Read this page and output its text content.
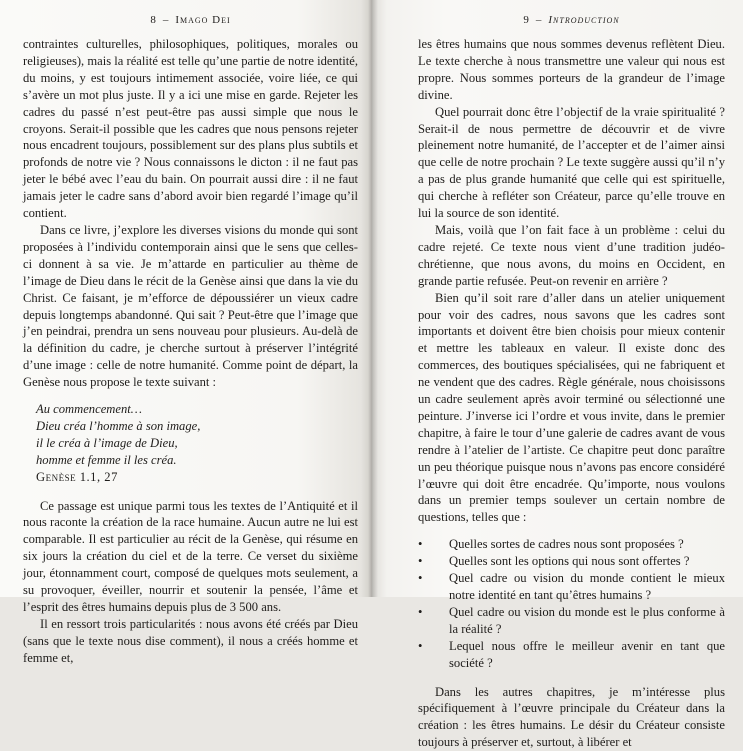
8 – Imago Dei

contraintes culturelles, philosophiques, politiques, morales ou religieuses), mais la réalité est telle qu’une partie de notre identité, du moins, y est toujours intimement associée, voire liée, ce qui s’avère un mot plus juste. Il y a ici une mise en garde. Rejeter les cadres du passé n’est peut-être pas aussi simple que nous le croyons. Serait-il possible que les cadres que nous pensons rejeter nous encadrent toujours, possiblement sur des plans plus subtils et profonds de notre vie ? Nous connaissons le dicton : il ne faut pas jeter le bébé avec l’eau du bain. On pourrait aussi dire : il ne faut jamais jeter le cadre sans d’abord avoir bien regardé l’image qu’il contient.

Dans ce livre, j’explore les diverses visions du monde qui sont proposées à l’individu contemporain ainsi que le sens que celles-ci donnent à sa vie. Je m’attarde en particulier au thème de l’image de Dieu dans le récit de la Genèse ainsi que dans la vie du Christ. Ce faisant, je m’efforce de dépoussiérer un vieux cadre depuis longtemps abandonné. Qui sait ? Peut-être que l’image que j’en peindrai, prendra un sens nouveau pour plusieurs. Au-delà de la définition du cadre, je cherche surtout à préserver l’intégrité d’une image : celle de notre humanité. Comme point de départ, la Genèse nous propose le texte suivant :

Au commencement…
Dieu créa l’homme à son image,
il le créa à l’image de Dieu,
homme et femme il les créa.
Genèse 1.1, 27

Ce passage est unique parmi tous les textes de l’Antiquité et il nous raconte la création de la race humaine. Aucun autre ne lui est comparable. Il est particulier au récit de la Genèse, qui résume en six jours la création du ciel et de la terre. Ce verset du sixième jour, étonnamment court, composé de quelques mots seulement, a su provoquer, éveiller, nourrir et soutenir la pensée, l’âme et l’esprit des êtres humains depuis plus de 3 500 ans.

Il en ressort trois particularités : nous avons été créés par Dieu (sans que le texte nous dise comment), il nous a créés homme et femme et,

9 – Introduction

les êtres humains que nous sommes devenus reflètent Dieu. Le texte cherche à nous transmettre une valeur qui nous est propre. Nous sommes porteurs de la grandeur de l’image divine.

Quel pourrait donc être l’objectif de la vraie spiritualité ? Serait-il de nous permettre de découvrir et de vivre pleinement notre humanité, de l’accepter et de l’aimer ainsi que celle de notre prochain ? Le texte suggère aussi qu’il n’y a pas de plus grande humanité que celle qui est spirituelle, qui cherche à refléter son Créateur, parce qu’elle trouve en lui la source de son identité.

Mais, voilà que l’on fait face à un problème : celui du cadre rejeté. Ce texte nous vient d’une tradition judéo-chrétienne, que nous avons, du moins en Occident, en grande partie refusée. Peut-on revenir en arrière ?

Bien qu’il soit rare d’aller dans un atelier uniquement pour voir des cadres, nous savons que les cadres sont importants et doivent être bien choisis pour mieux contenir et mettre les tableaux en valeur. Il existe donc des commerces, des boutiques spécialisées, qui ne fabriquent et ne vendent que des cadres. Règle générale, nous choisissons un cadre seulement après avoir terminé ou sélectionné une peinture. J’inverse ici l’ordre et vous invite, dans le premier chapitre, à faire le tour d’une galerie de cadres avant de vous rendre à l’atelier de l’artiste. Ce chapitre peut donc paraître un peu théorique puisque nous n’avons pas encore considéré l’œuvre qui doit être encadrée. Qu’importe, nous voulons dans un premier temps soulever un certain nombre de questions, telles que :

• Quelles sortes de cadres nous sont proposées ?
• Quelles sont les options qui nous sont offertes ?
• Quel cadre ou vision du monde contient le mieux notre identité en tant qu’êtres humains ?
• Quel cadre ou vision du monde est le plus conforme à la réalité ?
• Lequel nous offre le meilleur avenir en tant que société ?

Dans les autres chapitres, je m’intéresse plus spécifiquement à l’œuvre principale du Créateur dans la création : les êtres humains. Le désir du Créateur consiste toujours à préserver et, surtout, à libérer et
